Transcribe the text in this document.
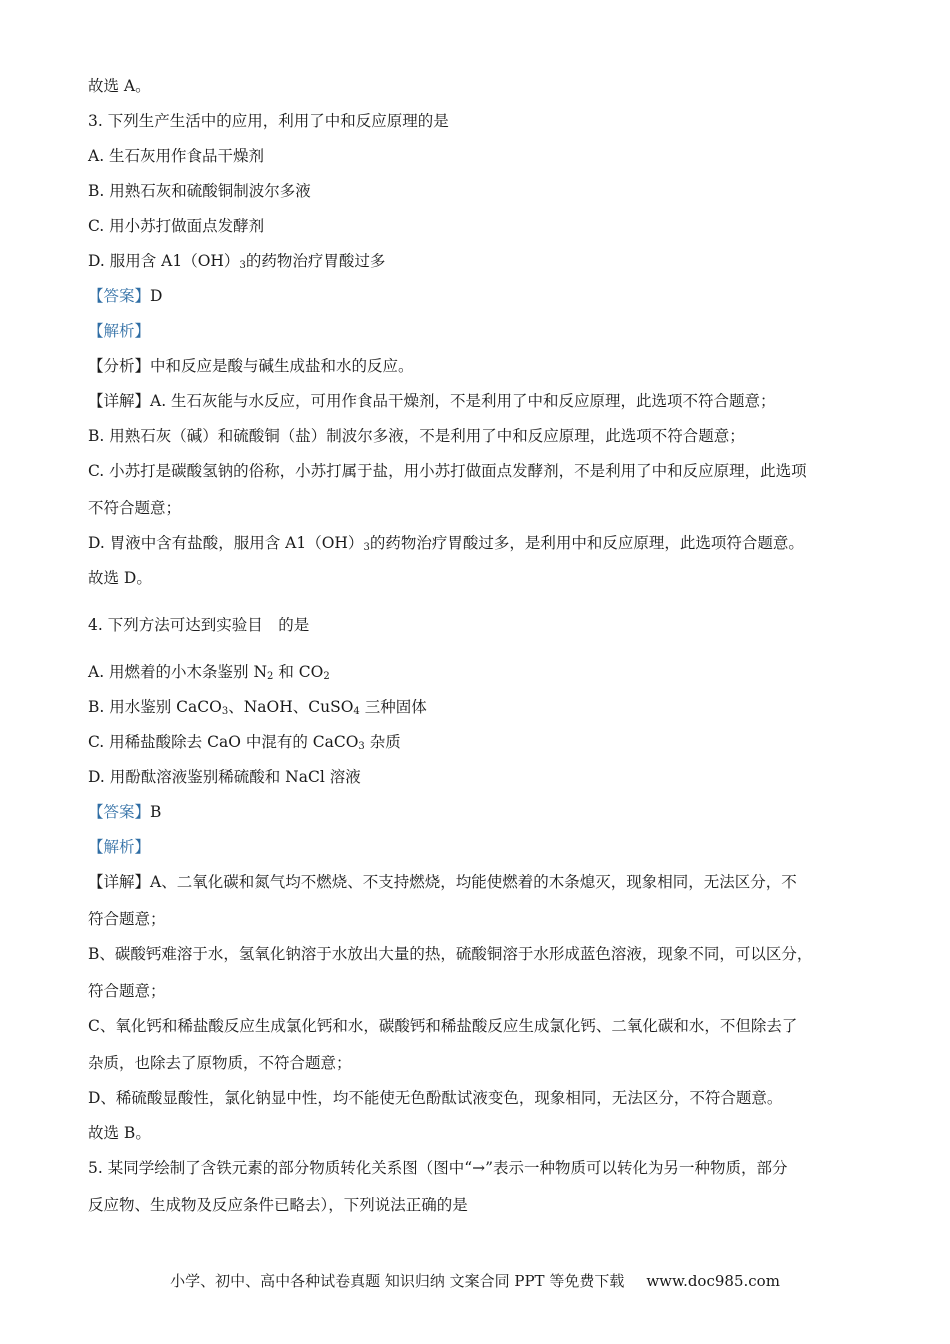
故选 A。
3. 下列生产生活中的应用，利用了中和反应原理的是
A. 生石灰用作食品干燥剂
B. 用熟石灰和硫酸铜制波尔多液
C. 用小苏打做面点发酵剂
D. 服用含 $A1(OH)_3$的药物治疗胃酸过多
【答案】D
【解析】
【分析】中和反应是酸与碱生成盐和水的反应。
【详解】A. 生石灰能与水反应，可用作食品干燥剂，不是利用了中和反应原理，此选项不符合题意；
B. 用熟石灰（碱）和硫酸铜（盐）制波尔多液，不是利用了中和反应原理，此选项不符合题意；
C. 小苏打是碳酸氢钠的俗称，小苏打属于盐，用小苏打做面点发酵剂，不是利用了中和反应原理，此选项
不符合题意；
D. 胃液中含有盐酸，服用含 $A1(OH)_3$的药物治疗胃酸过多，是利用中和反应原理，此选项符合题意。
故选 D。
4. 下列方法可达到实验目　的是
A. 用燃着的小木条鉴别 $N_2$ 和 $CO_2$
B. 用水鉴别 CaCO$_3$、NaOH、CuSO$_4$ 三种固体
C. 用稀盐酸除去 CaO 中混有的 CaCO$_3$ 杂质
D. 用酚酞溶液鉴别稀硫酸和 NaCl 溶液
【答案】B
【解析】
【详解】A、二氧化碳和氮气均不燃烧、不支持燃烧，均能使燃着的木条熄灭，现象相同，无法区分，不
符合题意；
B、碳酸钙难溶于水，氢氧化钠溶于水放出大量的热，硫酸铜溶于水形成蓝色溶液，现象不同，可以区分，
符合题意；
C、氧化钙和稀盐酸反应生成氯化钙和水，碳酸钙和稀盐酸反应生成氯化钙、二氧化碳和水，不但除去了
杂质，也除去了原物质，不符合题意；
D、稀硫酸显酸性，氯化钠显中性，均不能使无色酚酞试液变色，现象相同，无法区分，不符合题意。
故选 B。
5. 某同学绘制了含铁元素的部分物质转化关系图（图中“→”表示一种物质可以转化为另一种物质，部分
反应物、生成物及反应条件已略去），下列说法正确的是
小学、初中、高中各种试卷真题 知识归纳 文案合同 PPT 等免费下载 www.doc985.com
